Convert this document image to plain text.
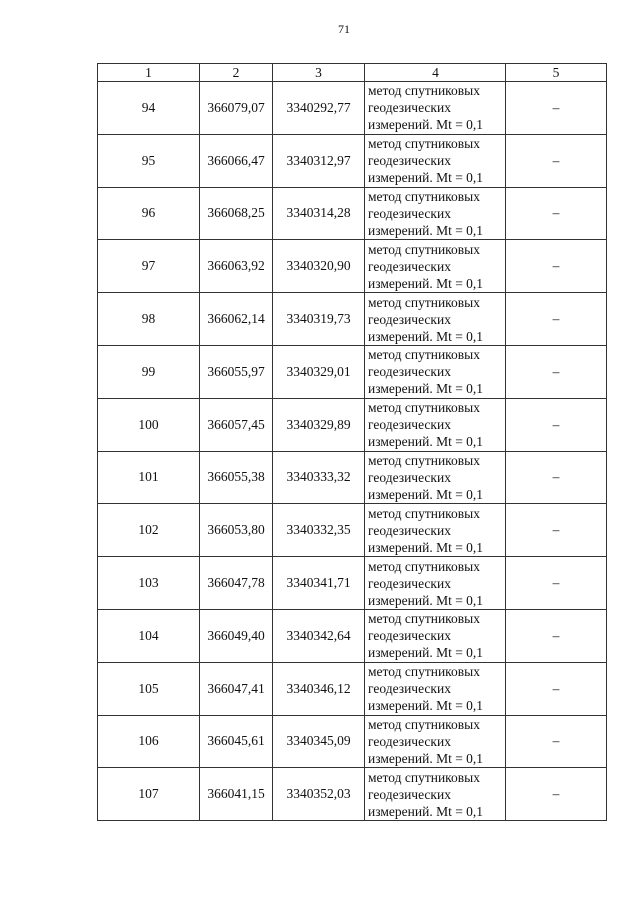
71
1	2	3	4	5
94	366079,07	3340292,77	метод спутниковых
геодезических
измерений. Mt = 0,1	–
95	366066,47	3340312,97	метод спутниковых
геодезических
измерений. Mt = 0,1	–
96	366068,25	3340314,28	метод спутниковых
геодезических
измерений. Mt = 0,1	–
97	366063,92	3340320,90	метод спутниковых
геодезических
измерений. Mt = 0,1	–
98	366062,14	3340319,73	метод спутниковых
геодезических
измерений. Mt = 0,1	–
99	366055,97	3340329,01	метод спутниковых
геодезических
измерений. Mt = 0,1	–
100	366057,45	3340329,89	метод спутниковых
геодезических
измерений. Mt = 0,1	–
101	366055,38	3340333,32	метод спутниковых
геодезических
измерений. Mt = 0,1	–
102	366053,80	3340332,35	метод спутниковых
геодезических
измерений. Mt = 0,1	–
103	366047,78	3340341,71	метод спутниковых
геодезических
измерений. Mt = 0,1	–
104	366049,40	3340342,64	метод спутниковых
геодезических
измерений. Mt = 0,1	–
105	366047,41	3340346,12	метод спутниковых
геодезических
измерений. Mt = 0,1	–
106	366045,61	3340345,09	метод спутниковых
геодезических
измерений. Mt = 0,1	–
107	366041,15	3340352,03	метод спутниковых
геодезических
измерений. Mt = 0,1	–
